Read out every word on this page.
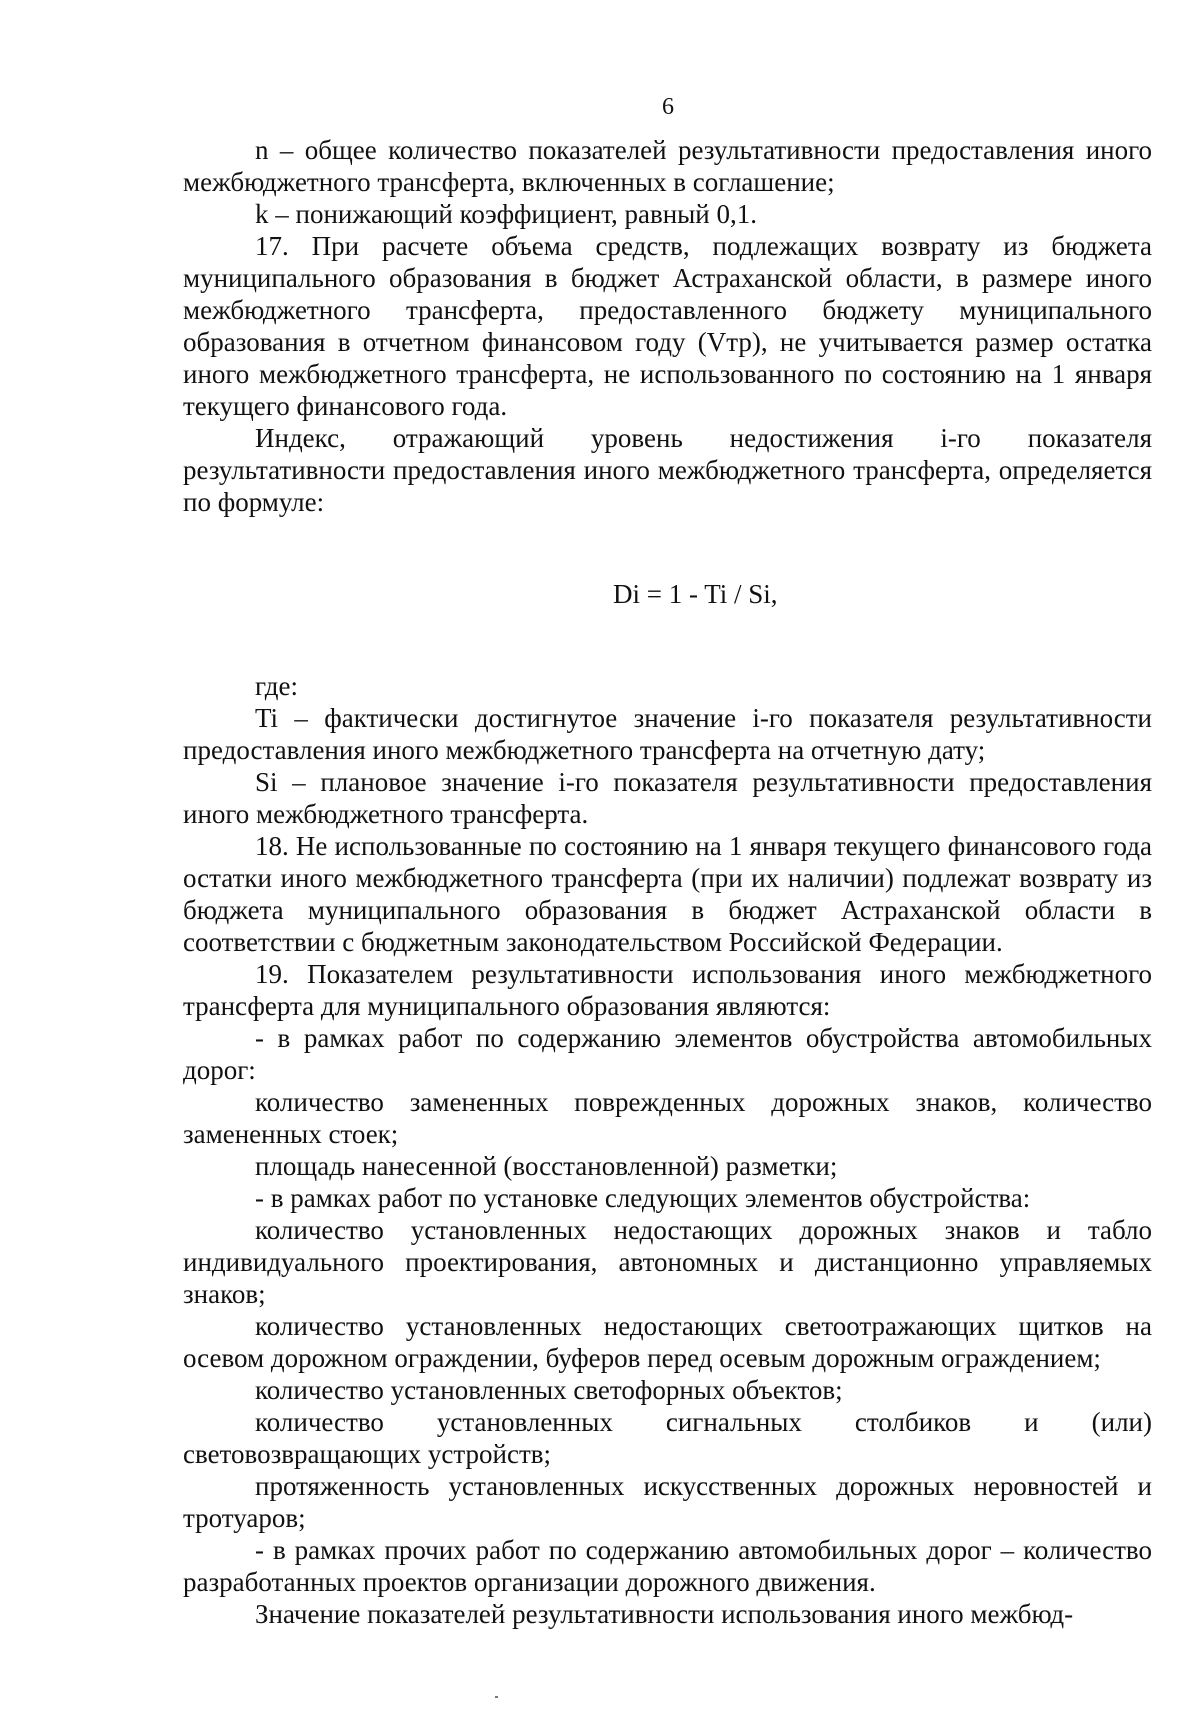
6

n – общее количество показателей результативности предоставления иного межбюджетного трансферта, включенных в соглашение;

k – понижающий коэффициент, равный 0,1.

17. При расчете объема средств, подлежащих возврату из бюджета муниципального образования в бюджет Астраханской области, в размере иного межбюджетного трансферта, предоставленного бюджету муниципального образования в отчетном финансовом году (Vтр), не учитывается размер остатка иного межбюджетного трансферта, не использованного по состоянию на 1 января текущего финансового года.

Индекс, отражающий уровень недостижения i-го показателя результативности предоставления иного межбюджетного трансферта, определяется по формуле:

Di = 1 - Ti / Si,

где:

Ti – фактически достигнутое значение i-го показателя результативности предоставления иного межбюджетного трансферта на отчетную дату;

Si – плановое значение i-го показателя результативности предоставления иного межбюджетного трансферта.

18. Не использованные по состоянию на 1 января текущего финансового года остатки иного межбюджетного трансферта (при их наличии) подлежат возврату из бюджета муниципального образования в бюджет Астраханской области в соответствии с бюджетным законодательством Российской Федерации.

19. Показателем результативности использования иного межбюджетного трансферта для муниципального образования являются:

- в рамках работ по содержанию элементов обустройства автомобильных дорог:

количество замененных поврежденных дорожных знаков, количество замененных стоек;

площадь нанесенной (восстановленной) разметки;

- в рамках работ по установке следующих элементов обустройства:

количество установленных недостающих дорожных знаков и табло индивидуального проектирования, автономных и дистанционно управляемых знаков;

количество установленных недостающих светоотражающих щитков на осевом дорожном ограждении, буферов перед осевым дорожным ограждением;

количество установленных светофорных объектов;

количество установленных сигнальных столбиков и (или) световозвращающих устройств;

протяженность установленных искусственных дорожных неровностей и тротуаров;

- в рамках прочих работ по содержанию автомобильных дорог – количество разработанных проектов организации дорожного движения.

Значение показателей результативности использования иного межбюд-
